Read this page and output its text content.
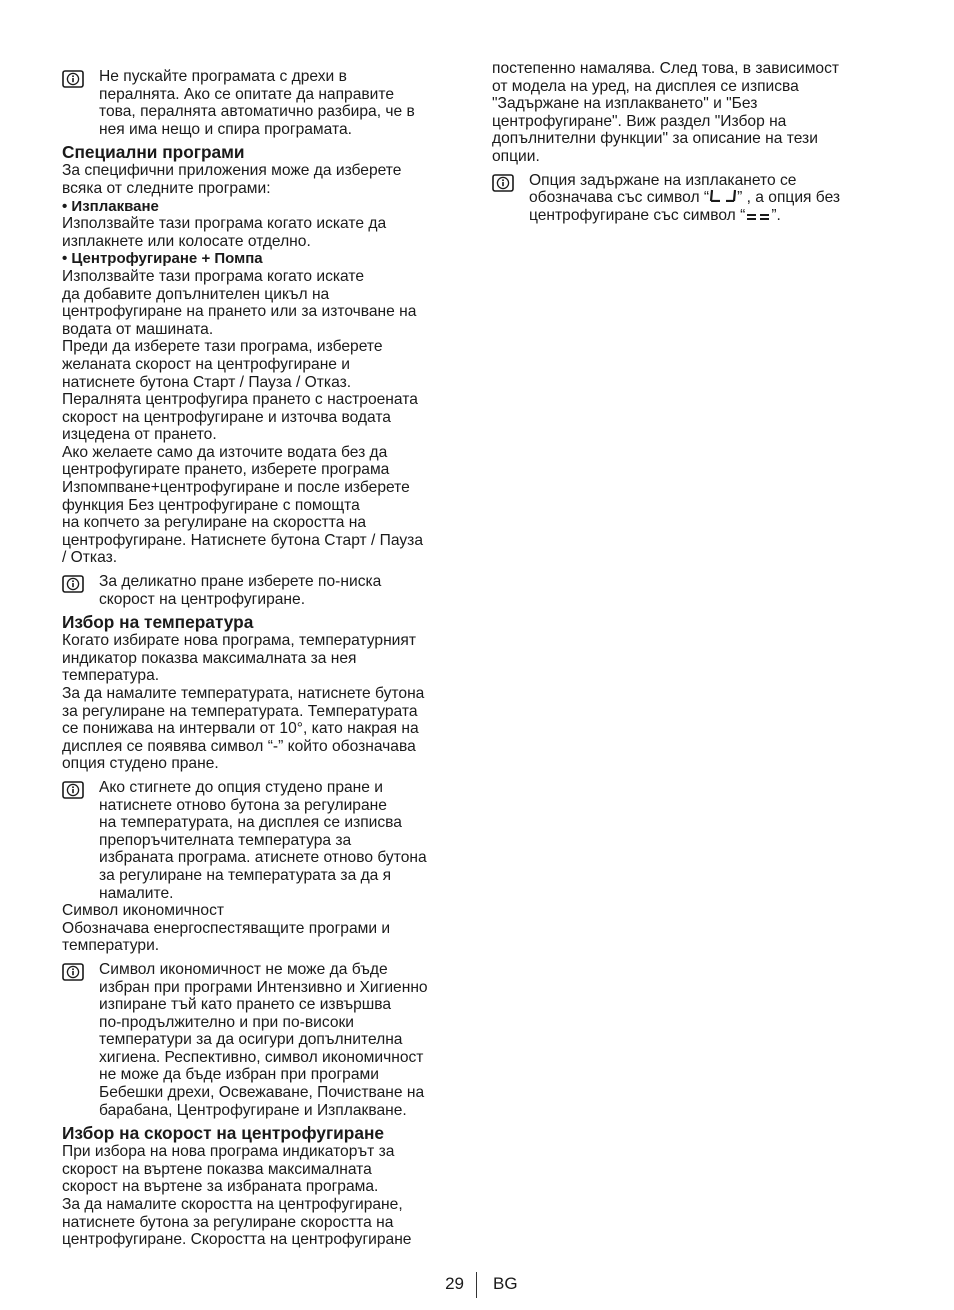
Не пускайте програмата с дрехи в
пералнята. Ако се опитате да направите
това, пералнята автоматично разбира, че в
нея има нещо и спира програмата.

Специални програми

За специфични приложения може да изберете
всяка от следните програми:

• Изплакване

Използвайте тази програма когато искате да
изплакнете или колосате отделно.

• Центрофугиране + Помпа

Използвайте тази програма когато искате
да добавите допълнителен цикъл на
центрофугиране на прането или за източване на
водата от машината.
Преди да изберете тази програма, изберете
желаната скорост на центрофугиране и
натиснете бутона Старт / Пауза / Отказ.
Пералнята центрофугира прането с настроената
скорост на центрофугиране и източва водата
изцедена от прането.
Ако желаете само да източите водата без да
центрофугирате прането, изберете програма
Изпомпване+центрофугиране и после изберете
функция Без центрофугиране с помощта
на копчето за регулиране на скоростта на
центрофугиране. Натиснете бутона Старт / Пауза
/ Отказ.

За деликатно пране изберете по-ниска
скорост на центрофугиране.

Избор на температура

Когато избирате нова програма, температурният
индикатор показва максималната за нея
температура.
За да намалите температурата, натиснете бутона
за регулиране на температурата. Температурата
се понижава на интервали от 10°, като накрая на
дисплея се появява символ “-” който обозначава
опция студено пране.

Ако стигнете до опция студено пране и
натиснете отново бутона за регулиране
на температурата, на дисплея се изписва
препоръчителната температура за
избраната програма. атиснете отново бутона
за регулиране на температурата за да я
намалите.

Символ икономичност
Обозначава енергоспестяващите програми и
температури.

Символ икономичност не може да бъде
избран при програми Интензивно и Хигиенно
изпиране тъй като прането се извършва
по-продължително и при по-високи
температури за да осигури допълнителна
хигиена. Респективно, символ икономичност
не може да бъде избран при програми
Бебешки дрехи, Освежаване, Почистване на
барабана, Центрофугиране и Изплакване.

Избор на скорост на центрофугиране

При избора на нова програма индикаторът за
скорост на въртене показва максималната
скорост на въртене за избраната програма.
За да намалите скоростта на центрофугиране,
натиснете бутона за регулиране скоростта на
центрофугиране. Скоростта на центрофугиране

постепенно намалява. След това, в зависимост
от модела на уред, на дисплея се изписва
"Задържане на изплакването" и "Без
центрофугиране". Виж раздел "Избор на
допълнителни функции" за описание на тези
опции.

Опция задържане на изплакането се
обозначава със символ “ ” , а опция без
центрофугиране със символ “ ”.

29 BG
